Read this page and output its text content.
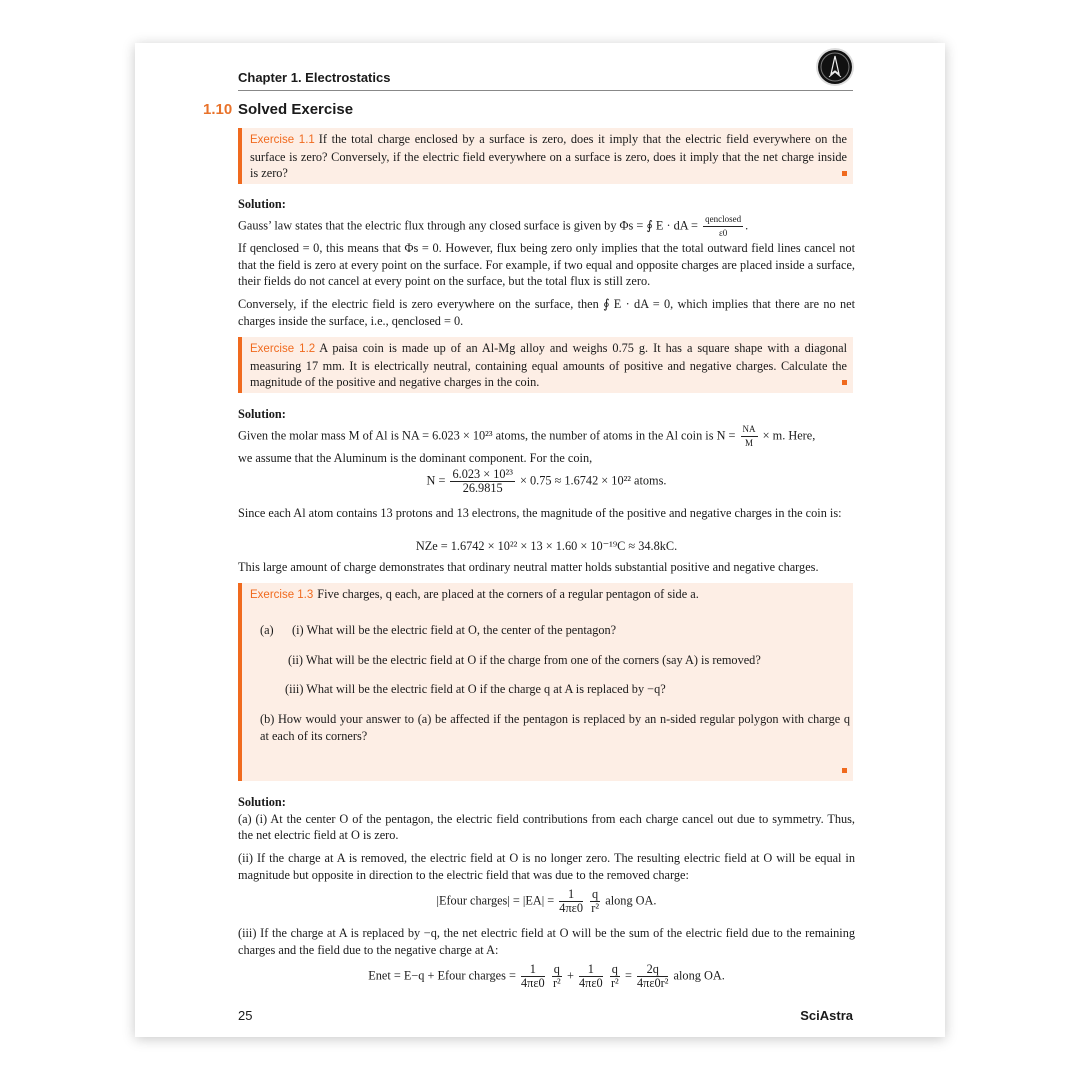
Chapter 1. Electrostatics
1.10 Solved Exercise
Exercise 1.1 If the total charge enclosed by a surface is zero, does it imply that the electric field everywhere on the surface is zero? Conversely, if the electric field everywhere on a surface is zero, does it imply that the net charge inside is zero?
Solution:
Gauss’ law states that the electric flux through any closed surface is given by Φs = ∮ E · dA = $\frac{\text{qenclosed}}{\varepsilon 0}$ .
If qenclosed = 0, this means that Φs = 0. However, flux being zero only implies that the total outward field lines cancel not that the field is zero at every point on the surface. For example, if two equal and opposite charges are placed inside a surface, their fields do not cancel at every point on the surface, but the total flux is still zero.
Conversely, if the electric field is zero everywhere on the surface, then ∮ E · dA = 0, which implies that there are no net charges inside the surface, i.e., qenclosed = 0.
Exercise 1.2 A paisa coin is made up of an Al-Mg alloy and weighs 0.75 g. It has a square shape with a diagonal measuring 17 mm. It is electrically neutral, containing equal amounts of positive and negative charges. Calculate the magnitude of the positive and negative charges in the coin.
Solution:
Given the molar mass M of Al is NA = 6.023 × 10²³ atoms, the number of atoms in the Al coin is $N = \frac{NA}{M} \times m$. Here,
we assume that the Aluminum is the dominant component. For the coin,
$N = \frac{\text{6.023 × 10²³}}{26.9815} \times 0.75 \approx 1.6742 \times 10^{22}$ atoms.
Since each Al atom contains 13 protons and 13 electrons, the magnitude of the positive and negative charges in the coin is:
NZe = 1.6742 × 10²² × 13 × 1.60 × 10⁻¹⁹C ≈ 34.8kC.
This large amount of charge demonstrates that ordinary neutral matter holds substantial positive and negative charges.
Exercise 1.3 Five charges, q each, are placed at the corners of a regular pentagon of side a.
(a) (i) What will be the electric field at O, the center of the pentagon?
(ii) What will be the electric field at O if the charge from one of the corners (say A) is removed?
(iii) What will be the electric field at O if the charge q at A is replaced by −q?
(b) How would your answer to (a) be affected if the pentagon is replaced by an n-sided regular polygon with charge q at each of its corners?
Solution:
(a) (i) At the center O of the pentagon, the electric field contributions from each charge cancel out due to symmetry. Thus, the net electric field at O is zero.
(ii) If the charge at A is removed, the electric field at O is no longer zero. The resulting electric field at O will be equal in magnitude but opposite in direction to the electric field that was due to the removed charge:
|Efour charges| = $|EA| = \frac{1}{4\pi\varepsilon 0}$
$\frac{q}{\text{r²}}$ along OA.
(iii) If the charge at A is replaced by −q, the net electric field at O will be the sum of the electric field due to the remaining charges and the field due to the negative charge at A:
Enet = E−q + Efour charges = $\frac{1}{4\pi\varepsilon 0}$
$\frac{q}{\text{r²}} + \frac{1}{4\pi\varepsilon 0}$
$\frac{q}{\text{r²}} = \frac{2q}{\text{4πε0r²}}$ along OA.
25	SciAstra
